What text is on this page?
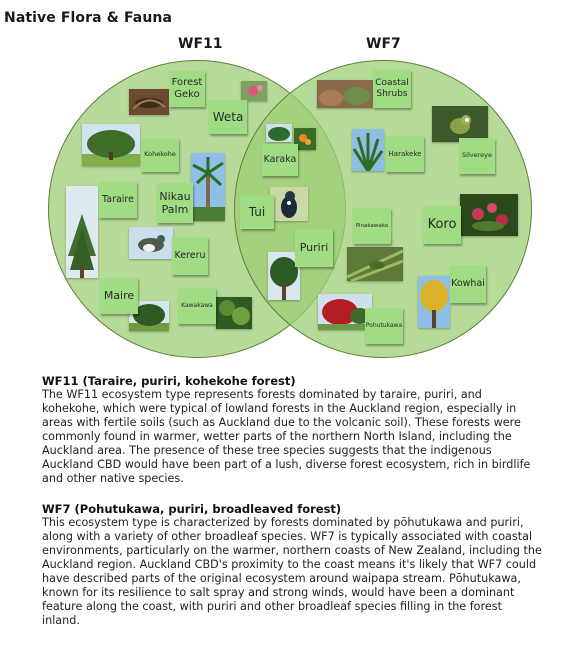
Native Flora & Fauna
WF11	WF7
Forest Geko
Weta
Kohekohe
Taraire Nikau Palm
Kereru
Maire
Kawakawa
Karaka
Tui
Puriri
Coastal Shrubs
Harakeke	Silvereye
Pinakawaka	Koro
Kowhai
Pohutukawa
WF11 (Taraire, puriri, kohekohe forest)

The WF11 ecosystem type represents forests dominated by taraire, puriri, and kohekohe, which were typical of lowland forests in the Auckland region, especially in areas with fertile soils (such as Auckland due to the volcanic soil). These forests were commonly found in warmer, wetter parts of the northern North Island, including the Auckland area. The presence of these tree species suggests that the indigenous Auckland CBD would have been part of a lush, diverse forest ecosystem, rich in birdlife and other native species.

WF7 (Pohutukawa, puriri, broadleaved forest)

This ecosystem type is characterized by forests dominated by pōhutukawa and puriri, along with a variety of other broadleaf species. WF7 is typically associated with coastal environments, particularly on the warmer, northern coasts of New Zealand, including the Auckland region. Auckland CBD's proximity to the coast means it's likely that WF7 could have described parts of the original ecosystem around waipapa stream. Pōhutukawa, known for its resilience to salt spray and strong winds, would have been a dominant feature along the coast, with puriri and other broadleaf species filling in the forest inland.
